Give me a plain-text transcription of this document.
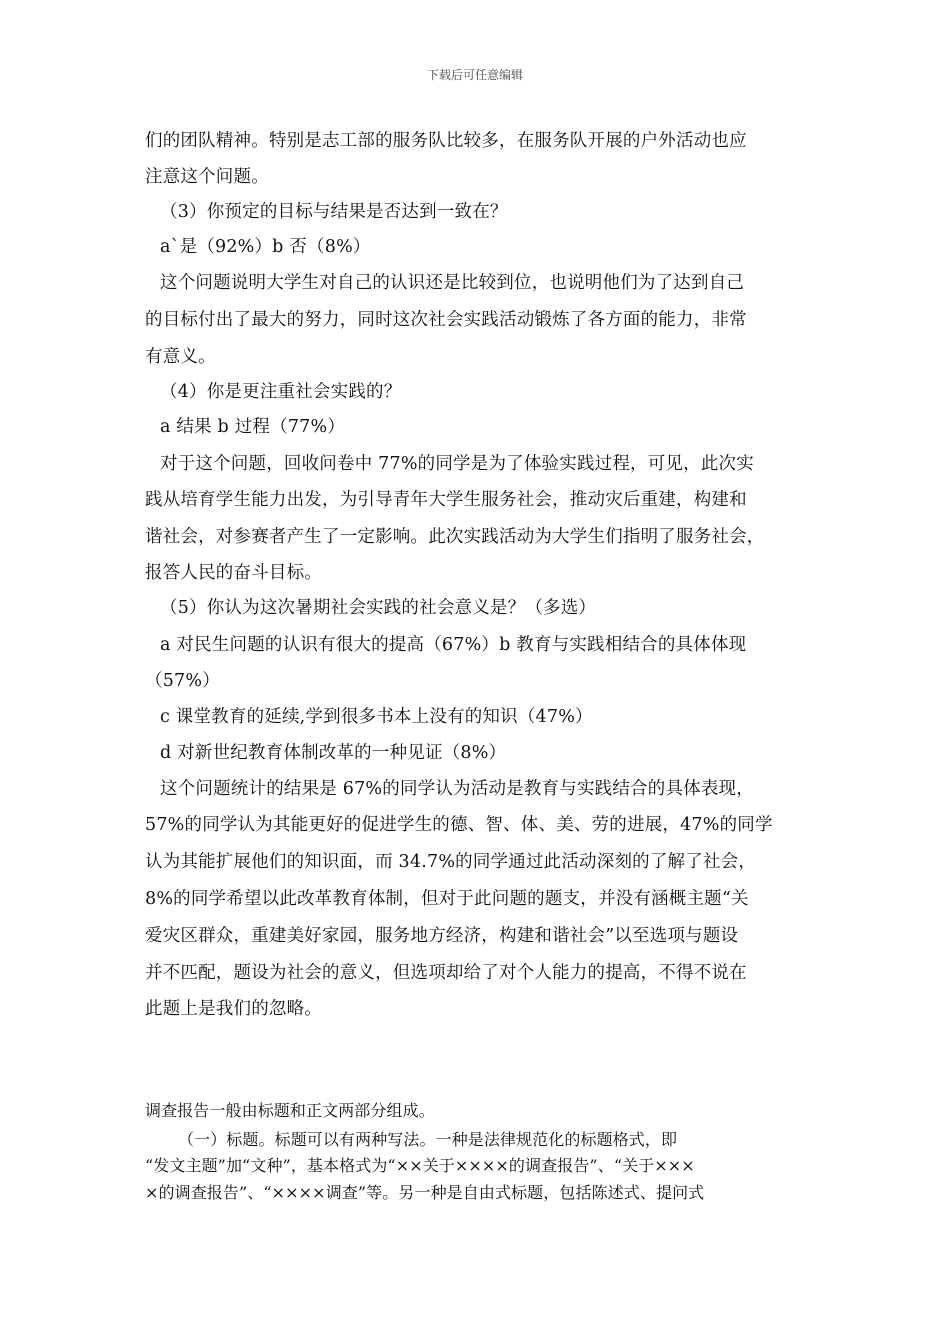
下载后可任意编辑
们的团队精神。特别是志工部的服务队比较多，在服务队开展的户外活动也应
注意这个问题。
（3）你预定的目标与结果是否达到一致在？
a`是（92%）b 否（8%）
这个问题说明大学生对自己的认识还是比较到位，也说明他们为了达到自己
的目标付出了最大的努力，同时这次社会实践活动锻炼了各方面的能力，非常
有意义。
（4）你是更注重社会实践的？
a 结果 b 过程（77%）
对于这个问题，回收问卷中 77%的同学是为了体验实践过程，可见，此次实
践从培育学生能力出发，为引导青年大学生服务社会，推动灾后重建，构建和
谐社会，对参赛者产生了一定影响。此次实践活动为大学生们指明了服务社会，
报答人民的奋斗目标。
（5）你认为这次暑期社会实践的社会意义是？（多选）
a 对民生问题的认识有很大的提高（67%）b 教育与实践相结合的具体体现
（57%）
c 课堂教育的延续,学到很多书本上没有的知识（47%）
d 对新世纪教育体制改革的一种见证（8%）
这个问题统计的结果是 67%的同学认为活动是教育与实践结合的具体表现，
57%的同学认为其能更好的促进学生的德、智、体、美、劳的进展，47%的同学
认为其能扩展他们的知识面，而 34.7%的同学通过此活动深刻的了解了社会，
8%的同学希望以此改革教育体制，但对于此问题的题支，并没有涵概主题“关
爱灾区群众，重建美好家园，服务地方经济，构建和谐社会”以至选项与题设
并不匹配，题设为社会的意义，但选项却给了对个人能力的提高，不得不说在
此题上是我们的忽略。
调查报告一般由标题和正文两部分组成。
（一）标题。标题可以有两种写法。一种是法律规范化的标题格式，即
“发文主题”加“文种”，基本格式为“××关于××××的调查报告”、“关于×××
×的调查报告”、“××××调查”等。另一种是自由式标题，包括陈述式、提问式
